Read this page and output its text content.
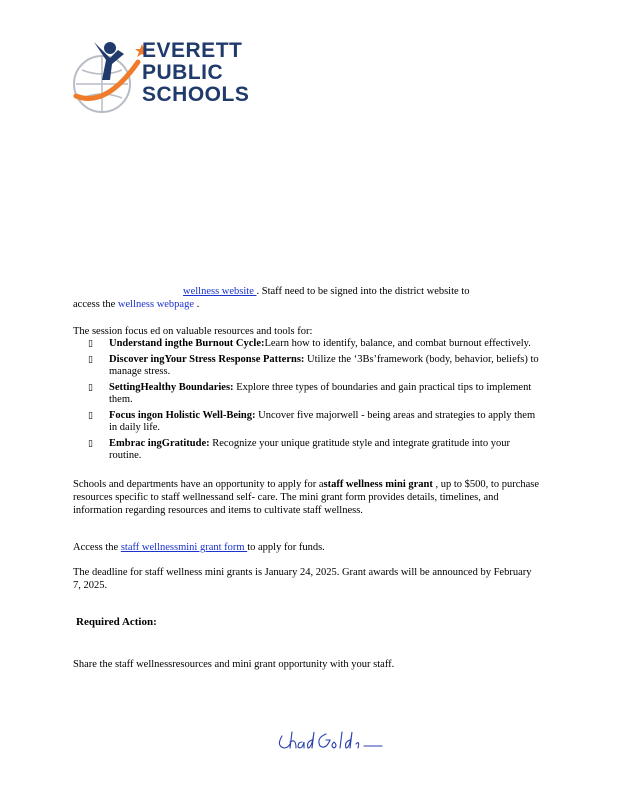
EVERETT
PUBLIC
SCHOOLS
wellness website . Staff need to be signed into the district website to
access the wellness webpage .
The session focus ed on valuable resources and tools for:
▯ Understand ingthe Burnout Cycle:Learn how to identify, balance, and combat burnout effectively.
▯ Discover ingYour Stress Response Patterns: Utilize the ‘3Bs’framework (body, behavior, beliefs) to manage stress.
▯ SettingHealthy Boundaries: Explore three types of boundaries and gain practical tips to implement them.
▯ Focus ingon Holistic Well-Being: Uncover five majorwell - being areas and strategies to apply them in daily life.
▯ Embrac ingGratitude: Recognize your unique gratitude style and integrate gratitude into your routine.
Schools and departments have an opportunity to apply for astaff wellness mini grant , up to $500, to purchase resources specific to staff wellnessand self- care. The mini grant form provides details, timelines, and information regarding resources and items to cultivate staff wellness.
Access the staff wellnessmini grant form to apply for funds.
The deadline for staff wellness mini grants is January 24, 2025. Grant awards will be announced by February 7, 2025.
Required Action:
Share the staff wellnessresources and mini grant opportunity with your staff.
